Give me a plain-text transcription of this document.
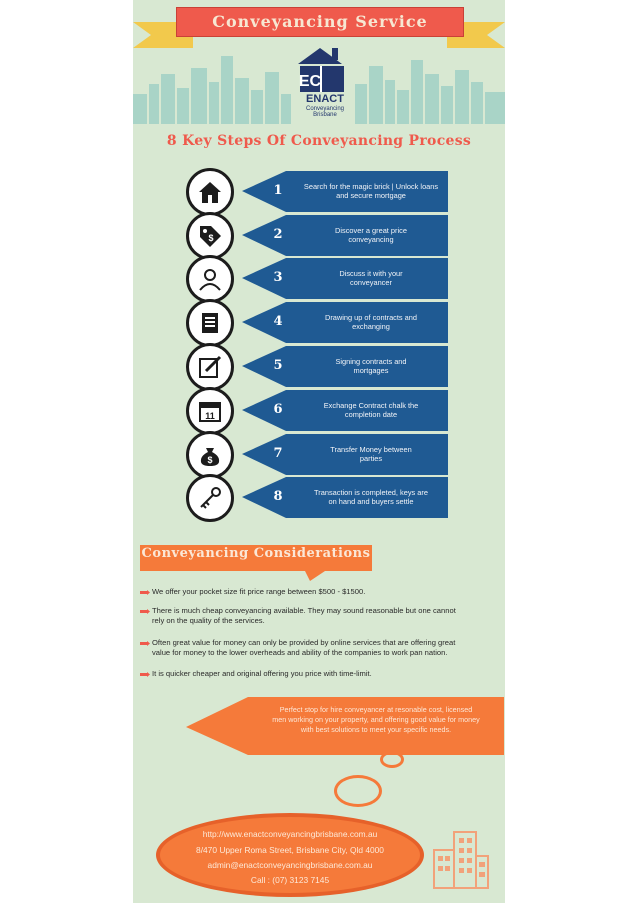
Conveyancing Service
EC
ENACT
Conveyancing
Brisbane
8 Key Steps Of Conveyancing Process
1	Search for the magic brick | Unlock loans
and secure mortgage
$	2	Discover a great price
conveyancing
3	Discuss it with your
conveyancer
4	Drawing up of contracts and
exchanging
5	Signing contracts and
mortgages
11	6	Exchange Contract chalk the
completion date
$	7	Transfer Money between
parties
8	Transaction is completed, keys are
on hand and buyers settle
Conveyancing Considerations
We offer your pocket size fit price range between $500 - $1500.
There is much cheap conveyancing available. They may sound reasonable but one cannot
rely on the quality of the services.
Often great value for money can only be provided by online services that are offering great
value for money to the lower overheads and ability of the companies to work pan nation.
It is quicker cheaper and original offering you price with time-limit.
Perfect stop for hire conveyancer at resonable cost, licensed
men working on your property, and offering good value for money
with best solutions to meet your specific needs.
http://www.enactconveyancingbrisbane.com.au
8/470 Upper Roma Street, Brisbane City, Qld 4000
admin@enactconveyancingbrisbane.com.au
Call : (07) 3123 7145
